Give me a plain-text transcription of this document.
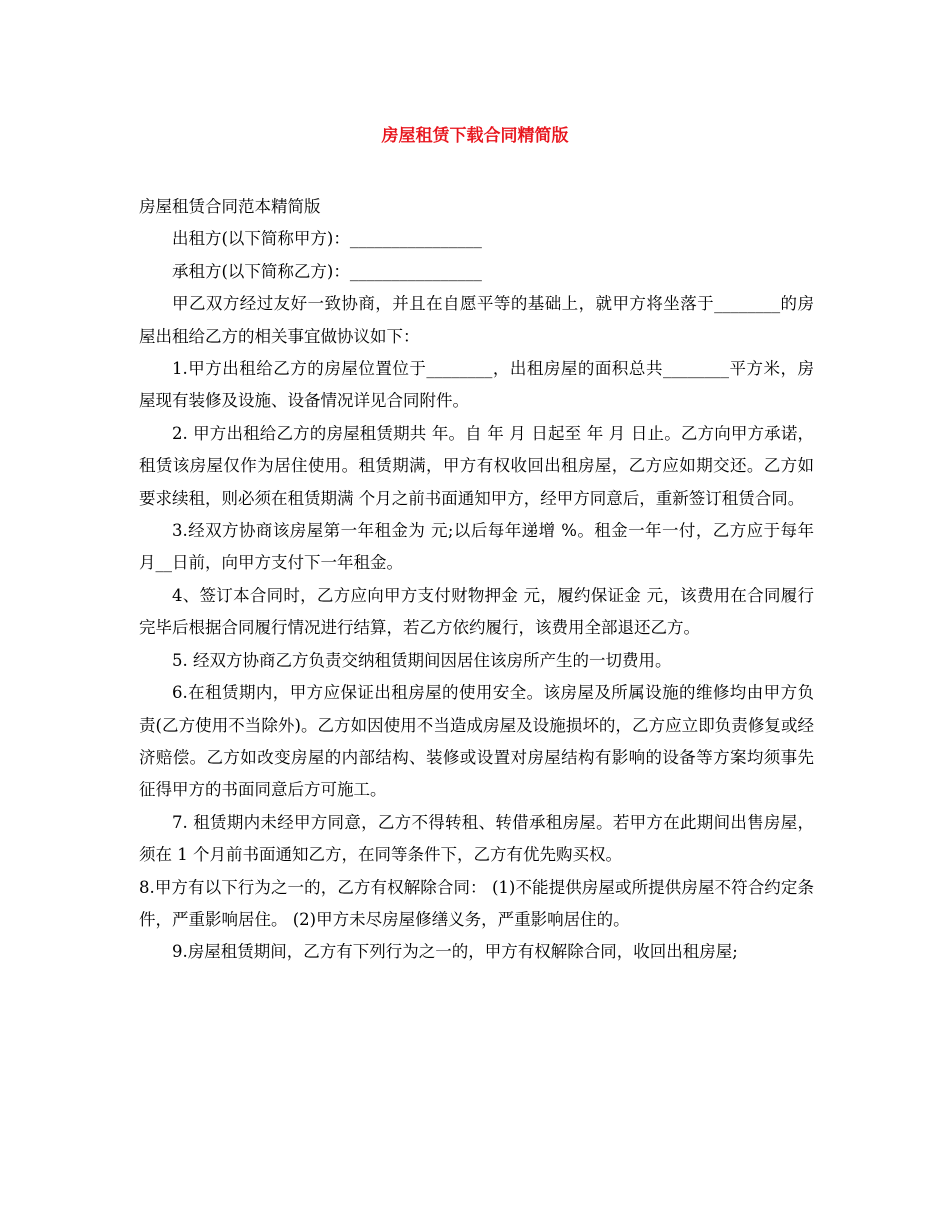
房屋租赁下载合同精简版

房屋租赁合同范本精简版

出租方(以下简称甲方)：________________

承租方(以下简称乙方)：________________

甲乙双方经过友好一致协商，并且在自愿平等的基础上，就甲方将坐落于________的房屋出租给乙方的相关事宜做协议如下：

1.甲方出租给乙方的房屋位置位于________，出租房屋的面积总共________平方米，房屋现有装修及设施、设备情况详见合同附件。

2. 甲方出租给乙方的房屋租赁期共 年。自 年 月 日起至 年 月 日止。乙方向甲方承诺，租赁该房屋仅作为居住使用。租赁期满，甲方有权收回出租房屋，乙方应如期交还。乙方如要求续租，则必须在租赁期满 个月之前书面通知甲方，经甲方同意后，重新签订租赁合同。

3.经双方协商该房屋第一年租金为 元;以后每年递增 %。租金一年一付，乙方应于每年 月__日前，向甲方支付下一年租金。

4、签订本合同时，乙方应向甲方支付财物押金 元，履约保证金 元，该费用在合同履行完毕后根据合同履行情况进行结算，若乙方依约履行，该费用全部退还乙方。

5. 经双方协商乙方负责交纳租赁期间因居住该房所产生的一切费用。

6.在租赁期内，甲方应保证出租房屋的使用安全。该房屋及所属设施的维修均由甲方负责(乙方使用不当除外)。乙方如因使用不当造成房屋及设施损坏的，乙方应立即负责修复或经济赔偿。乙方如改变房屋的内部结构、装修或设置对房屋结构有影响的设备等方案均须事先征得甲方的书面同意后方可施工。

7. 租赁期内未经甲方同意，乙方不得转租、转借承租房屋。若甲方在此期间出售房屋，须在 1 个月前书面通知乙方，在同等条件下，乙方有优先购买权。

8.甲方有以下行为之一的，乙方有权解除合同： (1)不能提供房屋或所提供房屋不符合约定条件，严重影响居住。 (2)甲方未尽房屋修缮义务，严重影响居住的。

9.房屋租赁期间，乙方有下列行为之一的，甲方有权解除合同，收回出租房屋;
